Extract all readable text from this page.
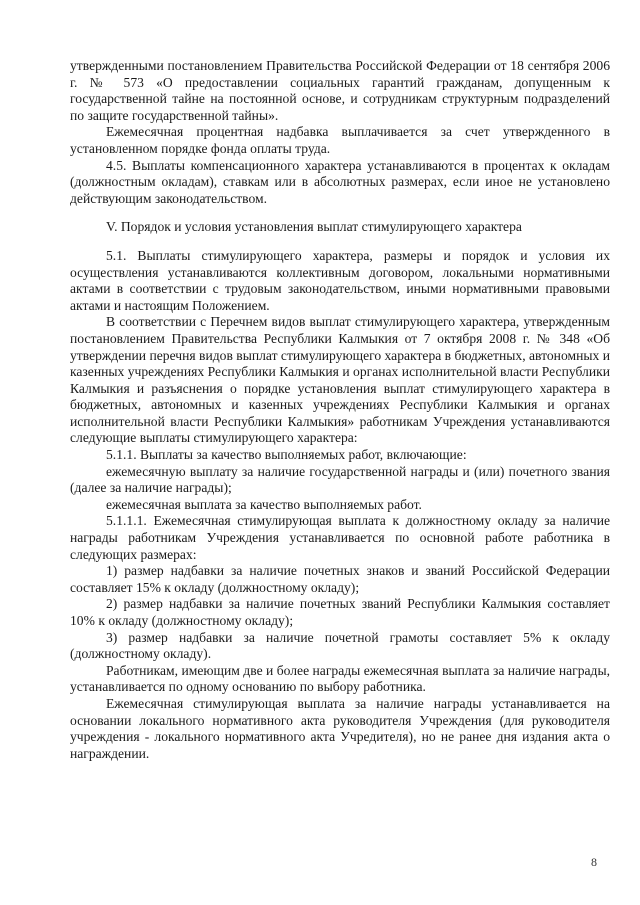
утвержденными постановлением Правительства Российской Федерации от 18 сентября 2006 г. № 573 «О предоставлении социальных гарантий гражданам, допущенным к государственной тайне на постоянной основе, и сотрудникам структурным подразделений по защите государственной тайны».

Ежемесячная процентная надбавка выплачивается за счет утвержденного в установленном порядке фонда оплаты труда.

4.5. Выплаты компенсационного характера устанавливаются в процентах к окладам (должностным окладам), ставкам или в абсолютных размерах, если иное не установлено действующим законодательством.

V. Порядок и условия установления выплат стимулирующего характера

5.1. Выплаты стимулирующего характера, размеры и порядок и условия их осуществления устанавливаются коллективным договором, локальными нормативными актами в соответствии с трудовым законодательством, иными нормативными правовыми актами и настоящим Положением.

В соответствии с Перечнем видов выплат стимулирующего характера, утвержденным постановлением Правительства Республики Калмыкия от 7 октября 2008 г. № 348 «Об утверждении перечня видов выплат стимулирующего характера в бюджетных, автономных и казенных учреждениях Республики Калмыкия и органах исполнительной власти Республики Калмыкия и разъяснения о порядке установления выплат стимулирующего характера в бюджетных, автономных и казенных учреждениях Республики Калмыкия и органах исполнительной власти Республики Калмыкия» работникам Учреждения устанавливаются следующие выплаты стимулирующего характера:

5.1.1. Выплаты за качество выполняемых работ, включающие:

ежемесячную выплату за наличие государственной награды и (или) почетного звания (далее за наличие награды);

ежемесячная выплата за качество выполняемых работ.

5.1.1.1. Ежемесячная стимулирующая выплата к должностному окладу за наличие награды работникам Учреждения устанавливается по основной работе работника в следующих размерах:

1) размер надбавки за наличие почетных знаков и званий Российской Федерации составляет 15% к окладу (должностному окладу);

2) размер надбавки за наличие почетных званий Республики Калмыкия составляет 10% к окладу (должностному окладу);

3) размер надбавки за наличие почетной грамоты составляет 5% к окладу (должностному окладу).

Работникам, имеющим две и более награды ежемесячная выплата за наличие награды, устанавливается по одному основанию по выбору работника.

Ежемесячная стимулирующая выплата за наличие награды устанавливается на основании локального нормативного акта руководителя Учреждения (для руководителя учреждения - локального нормативного акта Учредителя), но не ранее дня издания акта о награждении.

8
